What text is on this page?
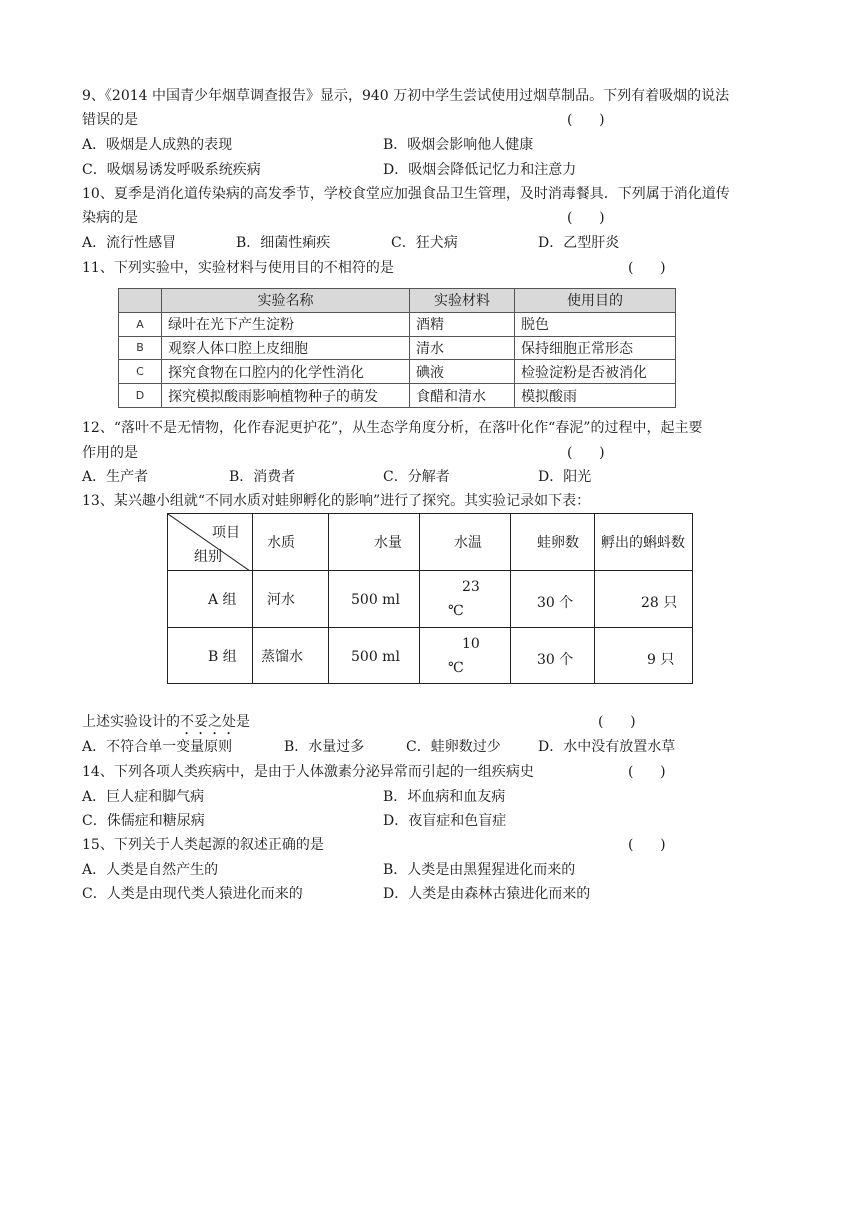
9、《2014 中国青少年烟草调查报告》显示，940 万初中学生尝试使用过烟草制品。下列有着吸烟的说法
错误的是	(      )
A．吸烟是人成熟的表现	B．吸烟会影响他人健康
C．吸烟易诱发呼吸系统疾病	D．吸烟会降低记忆力和注意力
10、夏季是消化道传染病的高发季节，学校食堂应加强食品卫生管理，及时消毒餐具．下列属于消化道传
染病的是	(      )
A．流行性感冒	B．细菌性痢疾	C．狂犬病	D．乙型肝炎
11、下列实验中，实验材料与使用目的不相符的是	(      )
	实验名称	实验材料	使用目的
A	绿叶在光下产生淀粉	酒精	脱色
B	观察人体口腔上皮细胞	清水	保持细胞正常形态
C	探究食物在口腔内的化学性消化	碘液	检验淀粉是否被消化
D	探究模拟酸雨影响植物种子的萌发	食醋和清水	模拟酸雨
12、“落叶不是无情物，化作春泥更护花”，从生态学角度分析，在落叶化作“春泥”的过程中，起主要
作用的是	(      )
A．生产者	B．消费者	C．分解者	D．阳光
13、某兴趣小组就“不同水质对蛙卵孵化的影响”进行了探究。其实验记录如下表：
项目
组别	水质	水量	水温	蛙卵数	孵出的蝌蚪数

A 组	河水	500 ml	23
℃	30 个	28 只

B 组	蒸馏水	500 ml	10
℃	30 个	9 只
上述实验设计的不妥之处是	(      )
A．不符合单一变量原则	B．水量过多	C．蛙卵数过少	D．水中没有放置水草
14、下列各项人类疾病中，是由于人体激素分泌异常而引起的一组疾病史	(      )
A．巨人症和脚气病	B．坏血病和血友病
C．侏儒症和糖尿病	D．夜盲症和色盲症
15、下列关于人类起源的叙述正确的是	(      )
A．人类是自然产生的	B．人类是由黑猩猩进化而来的
C．人类是由现代类人猿进化而来的	D．人类是由森林古猿进化而来的
